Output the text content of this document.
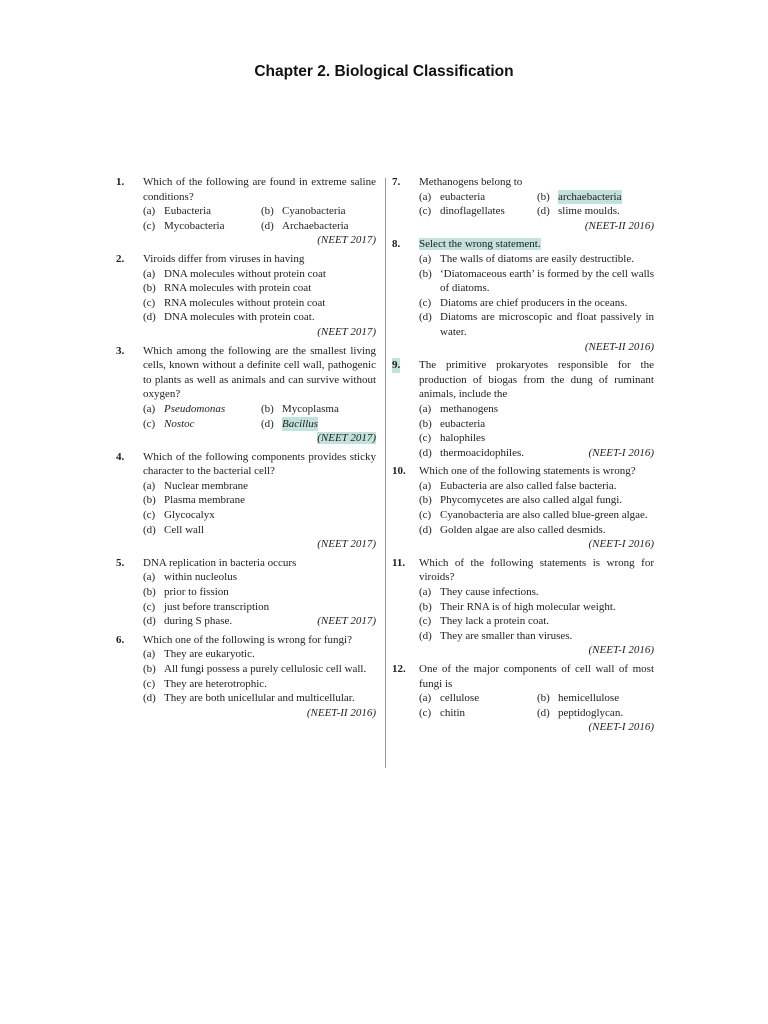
Chapter 2. Biological Classification
1. Which of the following are found in extreme saline conditions?
(a) Eubacteria	(b) Cyanobacteria
(c) Mycobacteria	(d) Archaebacteria
(NEET 2017)
2. Viroids differ from viruses in having
(a) DNA molecules without protein coat
(b) RNA molecules with protein coat
(c) RNA molecules without protein coat
(d) DNA molecules with protein coat.
(NEET 2017)
3. Which among the following are the smallest living cells, known without a definite cell wall, pathogenic to plants as well as animals and can survive without oxygen?
(a) Pseudomonas	(b) Mycoplasma
(c) Nostoc	(d) Bacillus
(NEET 2017)
4. Which of the following components provides sticky character to the bacterial cell?
(a) Nuclear membrane
(b) Plasma membrane
(c) Glycocalyx
(d) Cell wall
(NEET 2017)
5. DNA replication in bacteria occurs
(a) within nucleolus
(b) prior to fission
(c) just before transcription
(d) during S phase.	(NEET 2017)
6. Which one of the following is wrong for fungi?
(a) They are eukaryotic.
(b) All fungi possess a purely cellulosic cell wall.
(c) They are heterotrophic.
(d) They are both unicellular and multicellular.
(NEET-II 2016)
7. Methanogens belong to
(a) eubacteria	(b) archaebacteria
(c) dinoflagellates	(d) slime moulds.
(NEET-II 2016)
8. Select the wrong statement.
(a) The walls of diatoms are easily destructible.
(b) ‘Diatomaceous earth’ is formed by the cell walls of diatoms.
(c) Diatoms are chief producers in the oceans.
(d) Diatoms are microscopic and float passively in water.
(NEET-II 2016)
9. The primitive prokaryotes responsible for the production of biogas from the dung of ruminant animals, include the
(a) methanogens
(b) eubacteria
(c) halophiles
(d) thermoacidophiles.	(NEET-I 2016)
10. Which one of the following statements is wrong?
(a) Eubacteria are also called false bacteria.
(b) Phycomycetes are also called algal fungi.
(c) Cyanobacteria are also called blue-green algae.
(d) Golden algae are also called desmids.
(NEET-I 2016)
11. Which of the following statements is wrong for viroids?
(a) They cause infections.
(b) Their RNA is of high molecular weight.
(c) They lack a protein coat.
(d) They are smaller than viruses.
(NEET-I 2016)
12. One of the major components of cell wall of most fungi is
(a) cellulose	(b) hemicellulose
(c) chitin	(d) peptidoglycan.
(NEET-I 2016)
